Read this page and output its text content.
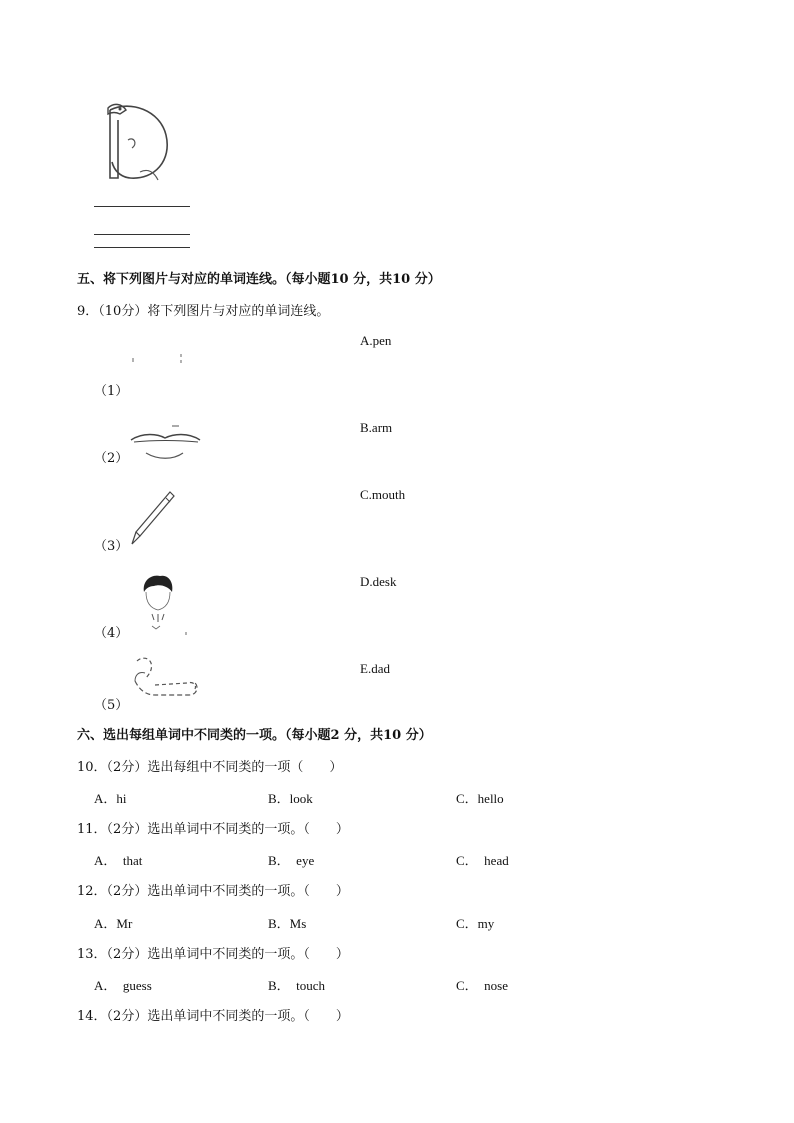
五、将下列图片与对应的单词连线。（每小题10 分，共10 分）
9．（10分）将下列图片与对应的单词连线。
（1）
（2）
（3）
（4）
（5）
A.pen
B.arm
C.mouth
D.desk
E.dad
六、选出每组单词中不同类的一项。（每小题2 分，共10 分）
10．（2分）选出每组中不同类的一项（　　）
A．hi	B．look	C．hello
11．（2分）选出单词中不同类的一项。（　　）
A．  that	B．  eye	C．  head
12．（2分）选出单词中不同类的一项。（　　）
A．Mr	B．Ms	C．my
13．（2分）选出单词中不同类的一项。（　　）
A．  guess	B．  touch	C．  nose
14．（2分）选出单词中不同类的一项。（　　）
